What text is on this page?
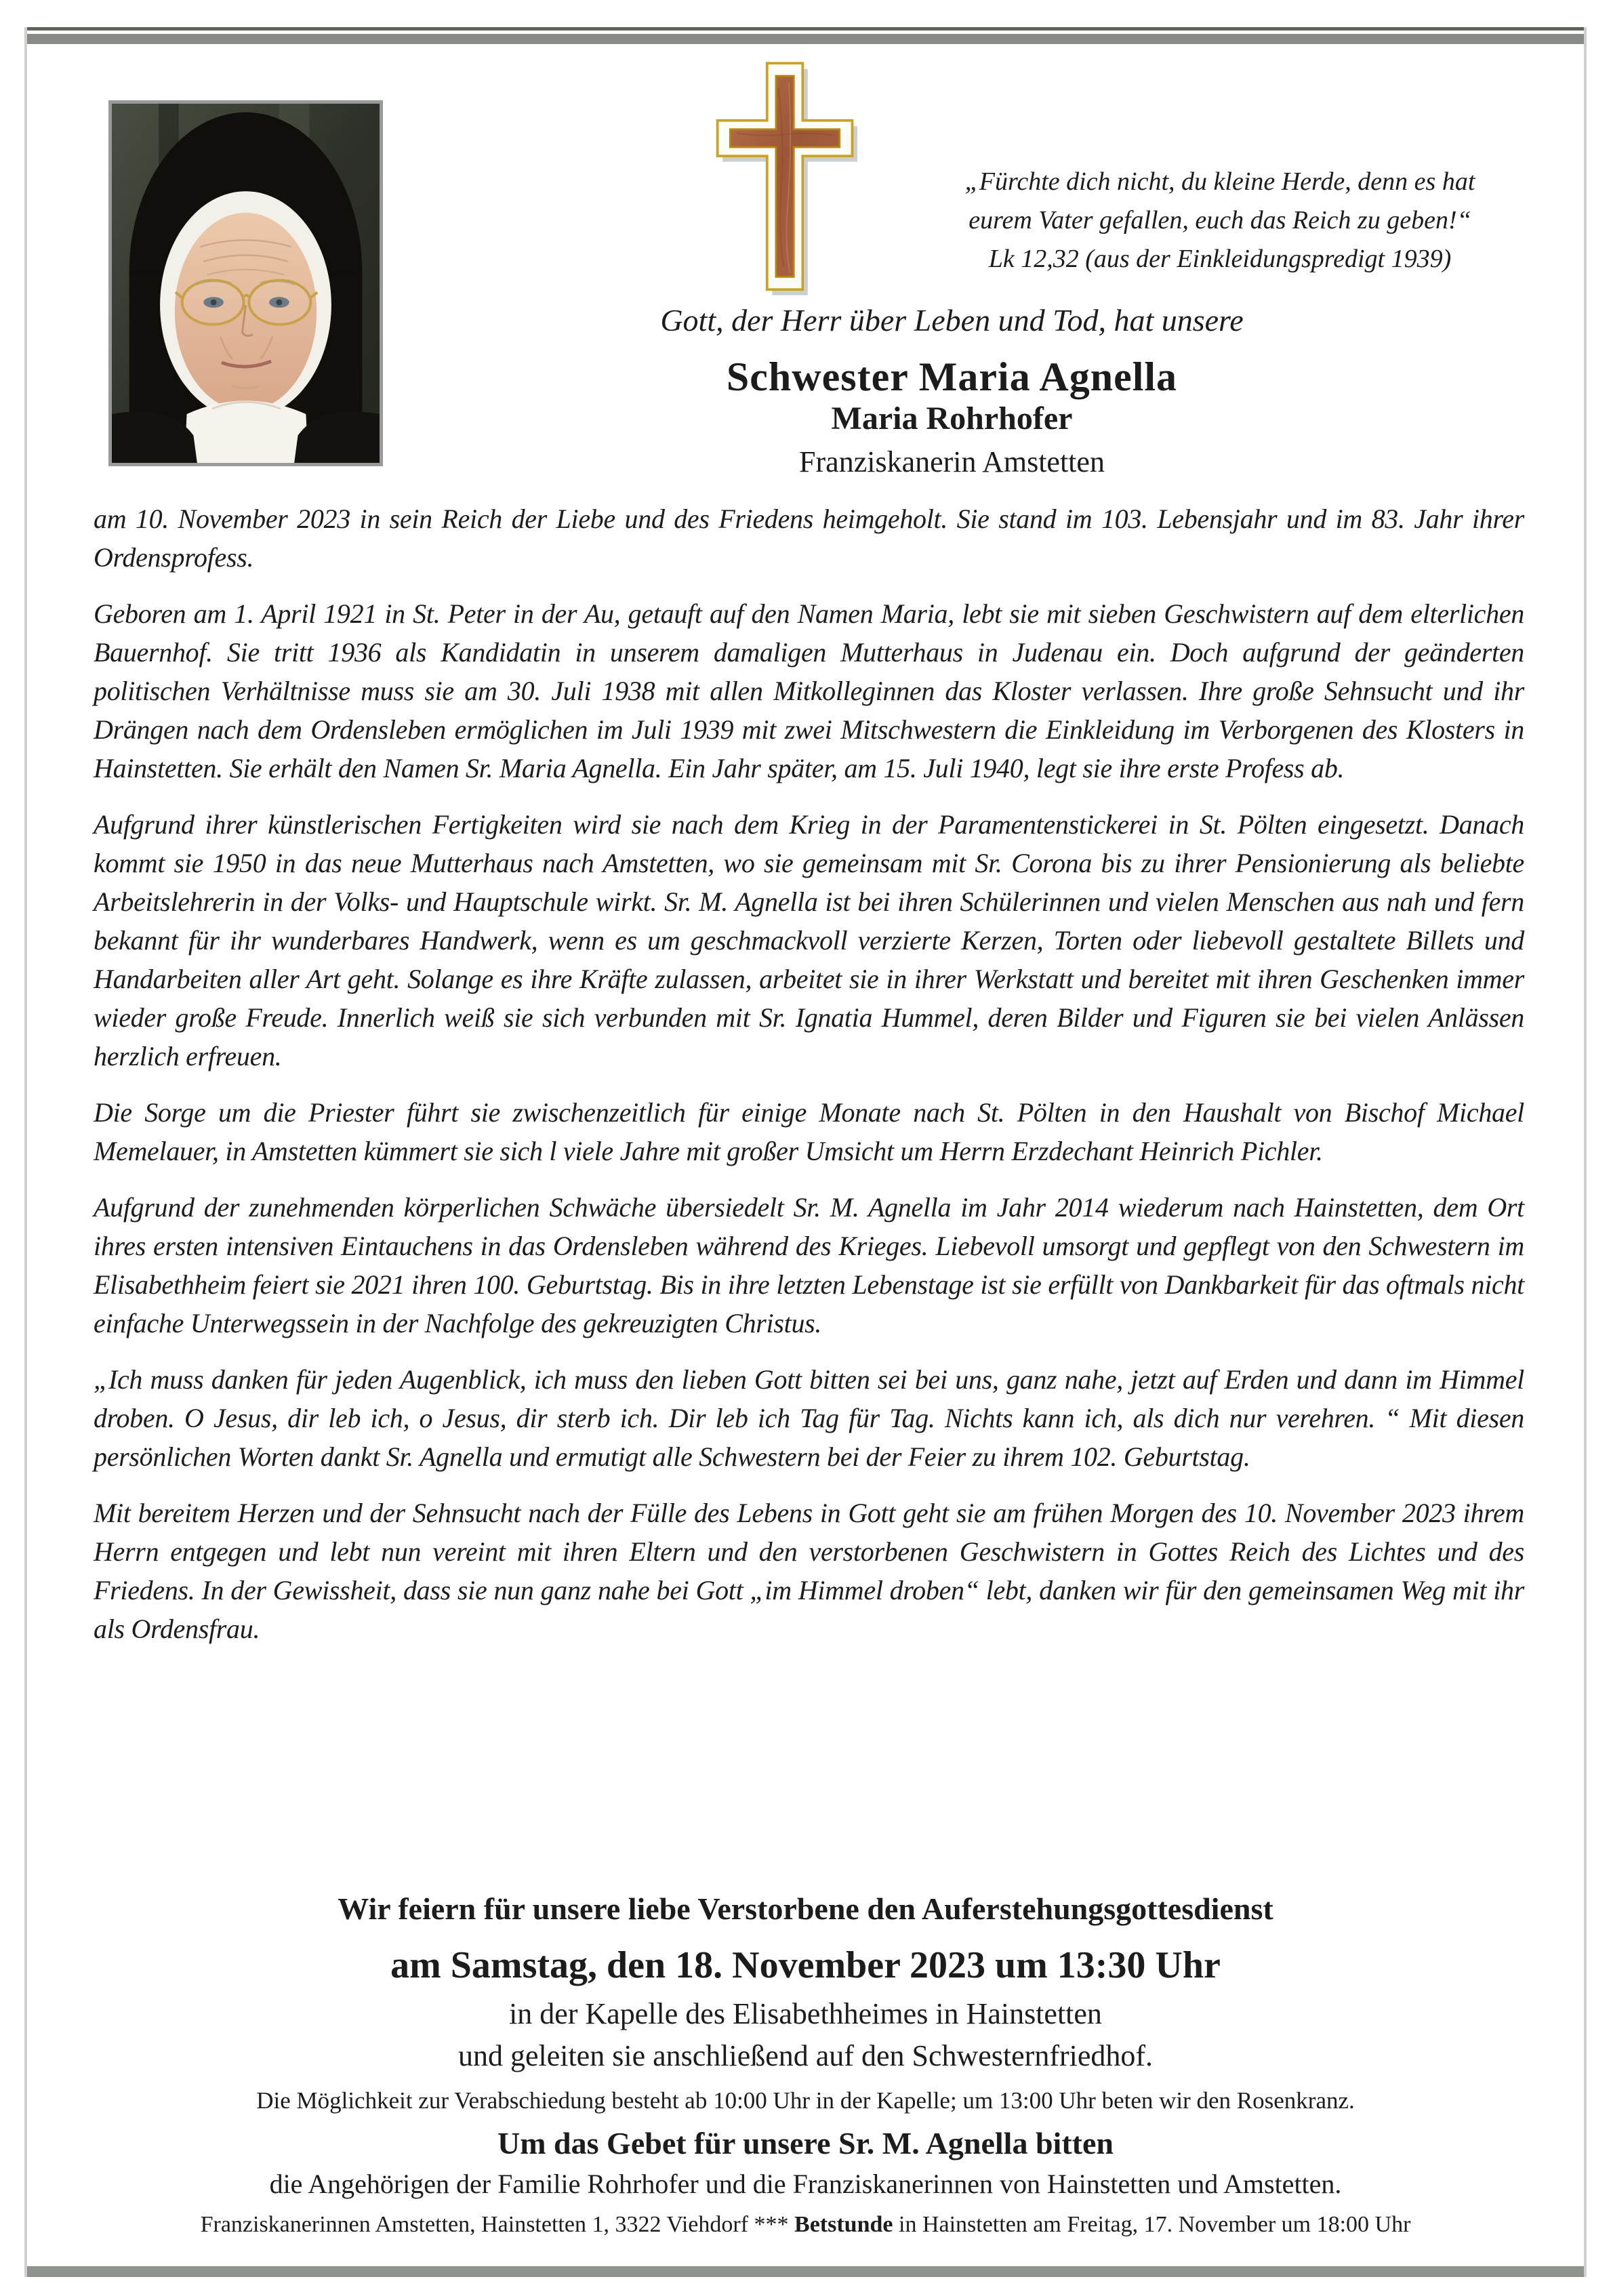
„Fürchte dich nicht, du kleine Herde, denn es hat
eurem Vater gefallen, euch das Reich zu geben!“
Lk 12,32 (aus der Einkleidungspredigt 1939)
Gott, der Herr über Leben und Tod, hat unsere
Schwester Maria Agnella
Maria Rohrhofer
Franziskanerin Amstetten

am 10. November 2023 in sein Reich der Liebe und des Friedens heimgeholt. Sie stand im 103. Lebensjahr und im 83. Jahr ihrer Ordensprofess.

Geboren am 1. April 1921 in St. Peter in der Au, getauft auf den Namen Maria, lebt sie mit sieben Geschwistern auf dem elterlichen Bauernhof. Sie tritt 1936 als Kandidatin in unserem damaligen Mutterhaus in Judenau ein. Doch aufgrund der geänderten politischen Verhältnisse muss sie am 30. Juli 1938 mit allen Mitkolleginnen das Kloster verlassen. Ihre große Sehnsucht und ihr Drängen nach dem Ordensleben ermöglichen im Juli 1939 mit zwei Mitschwestern die Einkleidung im Verborgenen des Klosters in Hainstetten. Sie erhält den Namen Sr. Maria Agnella. Ein Jahr später, am 15. Juli 1940, legt sie ihre erste Profess ab.

Aufgrund ihrer künstlerischen Fertigkeiten wird sie nach dem Krieg in der Paramentenstickerei in St. Pölten eingesetzt. Danach kommt sie 1950 in das neue Mutterhaus nach Amstetten, wo sie gemeinsam mit Sr. Corona bis zu ihrer Pensionierung als beliebte Arbeitslehrerin in der Volks- und Hauptschule wirkt. Sr. M. Agnella ist bei ihren Schülerinnen und vielen Menschen aus nah und fern bekannt für ihr wunderbares Handwerk, wenn es um geschmackvoll verzierte Kerzen, Torten oder liebevoll gestaltete Billets und Handarbeiten aller Art geht. Solange es ihre Kräfte zulassen, arbeitet sie in ihrer Werkstatt und bereitet mit ihren Geschenken immer wieder große Freude. Innerlich weiß sie sich verbunden mit Sr. Ignatia Hummel, deren Bilder und Figuren sie bei vielen Anlässen herzlich erfreuen.

Die Sorge um die Priester führt sie zwischenzeitlich für einige Monate nach St. Pölten in den Haushalt von Bischof Michael Memelauer, in Amstetten kümmert sie sich l viele Jahre mit großer Umsicht um Herrn Erzdechant Heinrich Pichler.

Aufgrund der zunehmenden körperlichen Schwäche übersiedelt Sr. M. Agnella im Jahr 2014 wiederum nach Hainstetten, dem Ort ihres ersten intensiven Eintauchens in das Ordensleben während des Krieges. Liebevoll umsorgt und gepflegt von den Schwestern im Elisabethheim feiert sie 2021 ihren 100. Geburtstag. Bis in ihre letzten Lebenstage ist sie erfüllt von Dankbarkeit für das oftmals nicht einfache Unterwegssein in der Nachfolge des gekreuzigten Christus.

„Ich muss danken für jeden Augenblick, ich muss den lieben Gott bitten sei bei uns, ganz nahe, jetzt auf Erden und dann im Himmel droben. O Jesus, dir leb ich, o Jesus, dir sterb ich. Dir leb ich Tag für Tag. Nichts kann ich, als dich nur verehren. “ Mit diesen persönlichen Worten dankt Sr. Agnella und ermutigt alle Schwestern bei der Feier zu ihrem 102. Geburtstag.

Mit bereitem Herzen und der Sehnsucht nach der Fülle des Lebens in Gott geht sie am frühen Morgen des 10. November 2023 ihrem Herrn entgegen und lebt nun vereint mit ihren Eltern und den verstorbenen Geschwistern in Gottes Reich des Lichtes und des Friedens. In der Gewissheit, dass sie nun ganz nahe bei Gott „im Himmel droben“ lebt, danken wir für den gemeinsamen Weg mit ihr als Ordensfrau.

Wir feiern für unsere liebe Verstorbene den Auferstehungsgottesdienst
am Samstag, den 18. November 2023 um 13:30 Uhr
in der Kapelle des Elisabethheimes in Hainstetten
und geleiten sie anschließend auf den Schwesternfriedhof.
Die Möglichkeit zur Verabschiedung besteht ab 10:00 Uhr in der Kapelle; um 13:00 Uhr beten wir den Rosenkranz.
Um das Gebet für unsere Sr. M. Agnella bitten
die Angehörigen der Familie Rohrhofer und die Franziskanerinnen von Hainstetten und Amstetten.
Franziskanerinnen Amstetten, Hainstetten 1, 3322 Viehdorf *** Betstunde in Hainstetten am Freitag, 17. November um 18:00 Uhr
